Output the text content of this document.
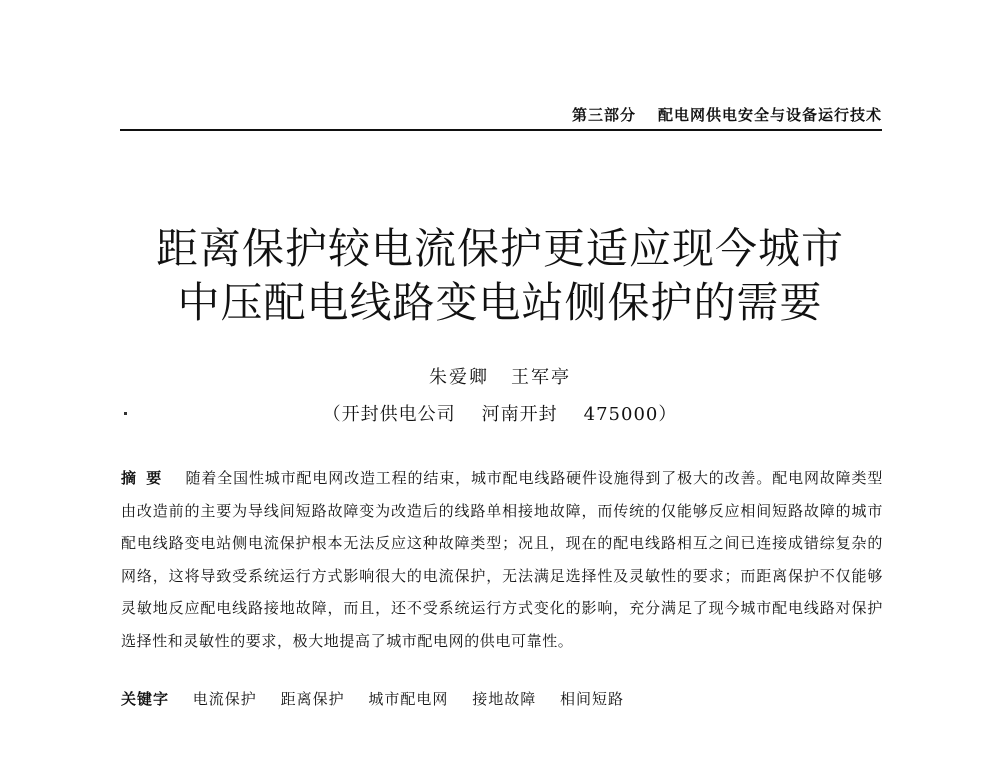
第三部分 配电网供电安全与设备运行技术
距离保护较电流保护更适应现今城市
中压配电线路变电站侧保护的需要
朱爱卿 王军亭
（开封供电公司 河南开封 475000）
摘要 随着全国性城市配电网改造工程的结束，城市配电线路硬件设施得到了极大的改善。配电网故障类型由改造前的主要为导线间短路故障变为改造后的线路单相接地故障，而传统的仅能够反应相间短路故障的城市配电线路变电站侧电流保护根本无法反应这种故障类型；况且，现在的配电线路相互之间已连接成错综复杂的网络，这将导致受系统运行方式影响很大的电流保护，无法满足选择性及灵敏性的要求；而距离保护不仅能够灵敏地反应配电线路接地故障，而且，还不受系统运行方式变化的影响，充分满足了现今城市配电线路对保护选择性和灵敏性的要求，极大地提高了城市配电网的供电可靠性。
关键字 电流保护 距离保护 城市配电网 接地故障 相间短路
